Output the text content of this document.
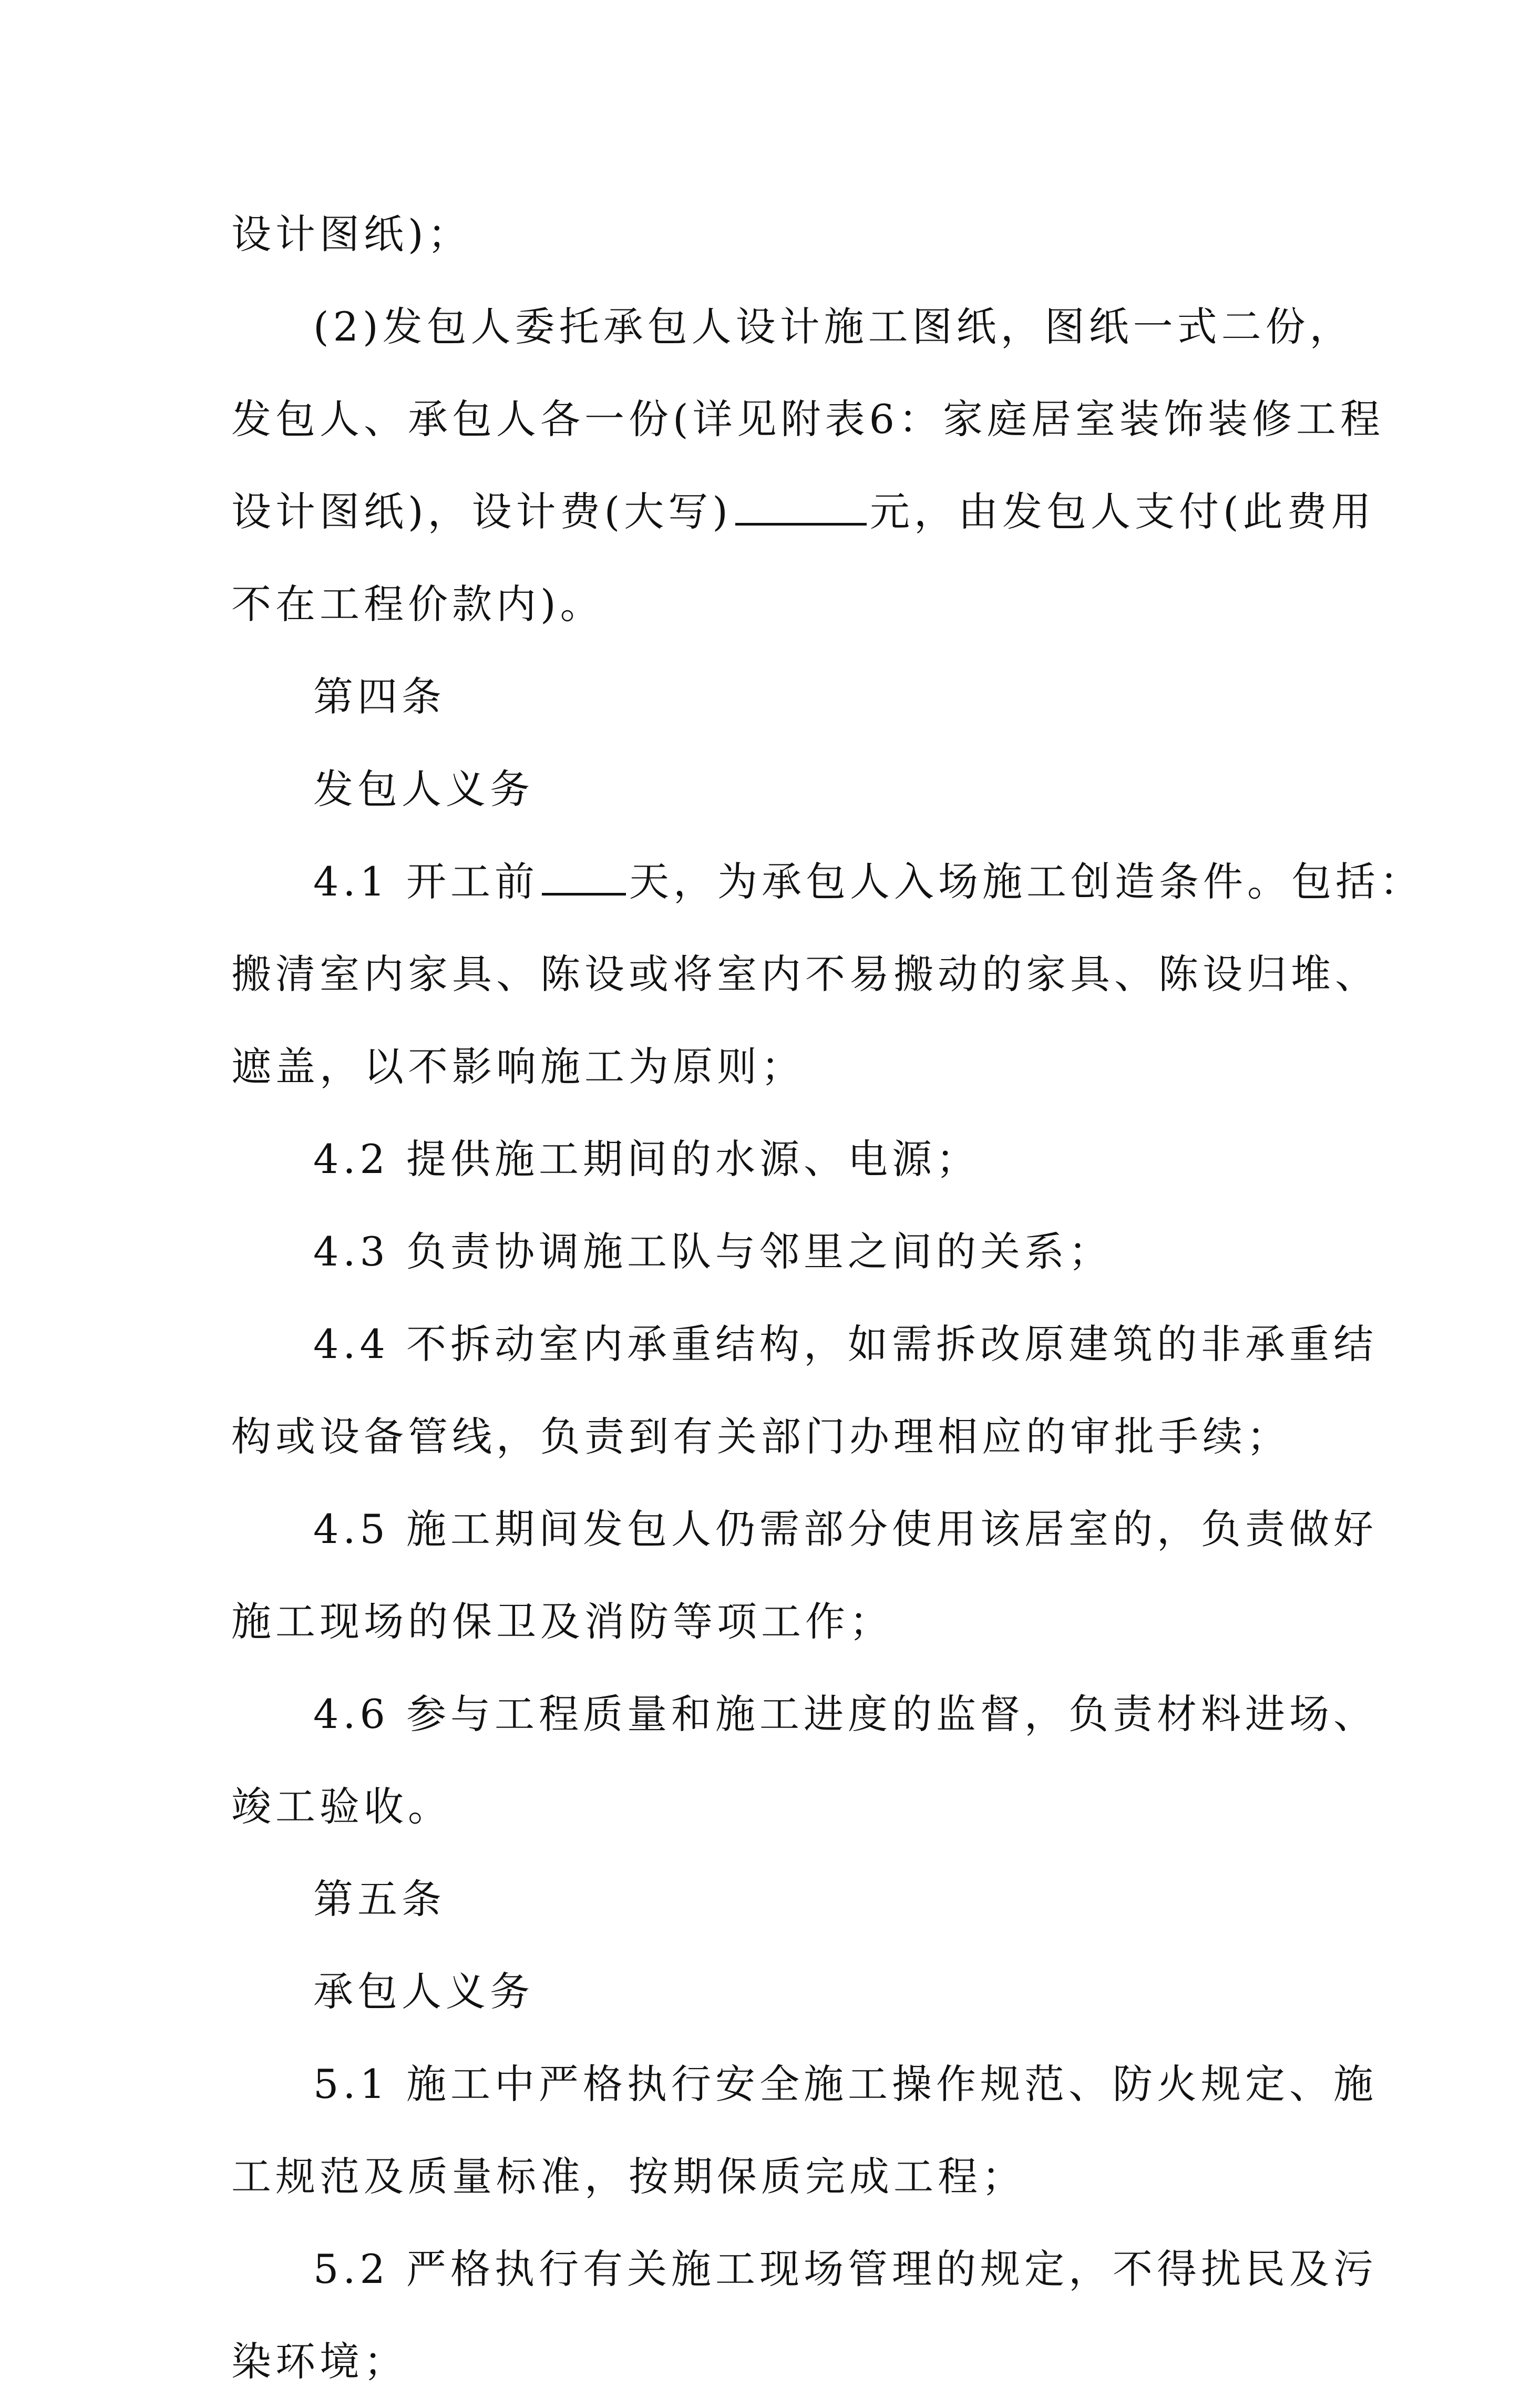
设计图纸)；
(2)发包人委托承包人设计施工图纸，图纸一式二份，
发包人、承包人各一份(详见附表6：家庭居室装饰装修工程
设计图纸)，设计费(大写)	元，由发包人支付(此费用
不在工程价款内)。
第四条
发包人义务
4.1 开工前 天，为承包人入场施工创造条件。包括：
搬清室内家具、陈设或将室内不易搬动的家具、陈设归堆、
遮盖，以不影响施工为原则；
4.2 提供施工期间的水源、电源；
4.3 负责协调施工队与邻里之间的关系；
4.4 不拆动室内承重结构，如需拆改原建筑的非承重结
构或设备管线，负责到有关部门办理相应的审批手续；
4.5 施工期间发包人仍需部分使用该居室的，负责做好
施工现场的保卫及消防等项工作；
4.6 参与工程质量和施工进度的监督，负责材料进场、
竣工验收。
第五条
承包人义务
5.1 施工中严格执行安全施工操作规范、防火规定、施
工规范及质量标准，按期保质完成工程；
5.2 严格执行有关施工现场管理的规定，不得扰民及污
染环境；
